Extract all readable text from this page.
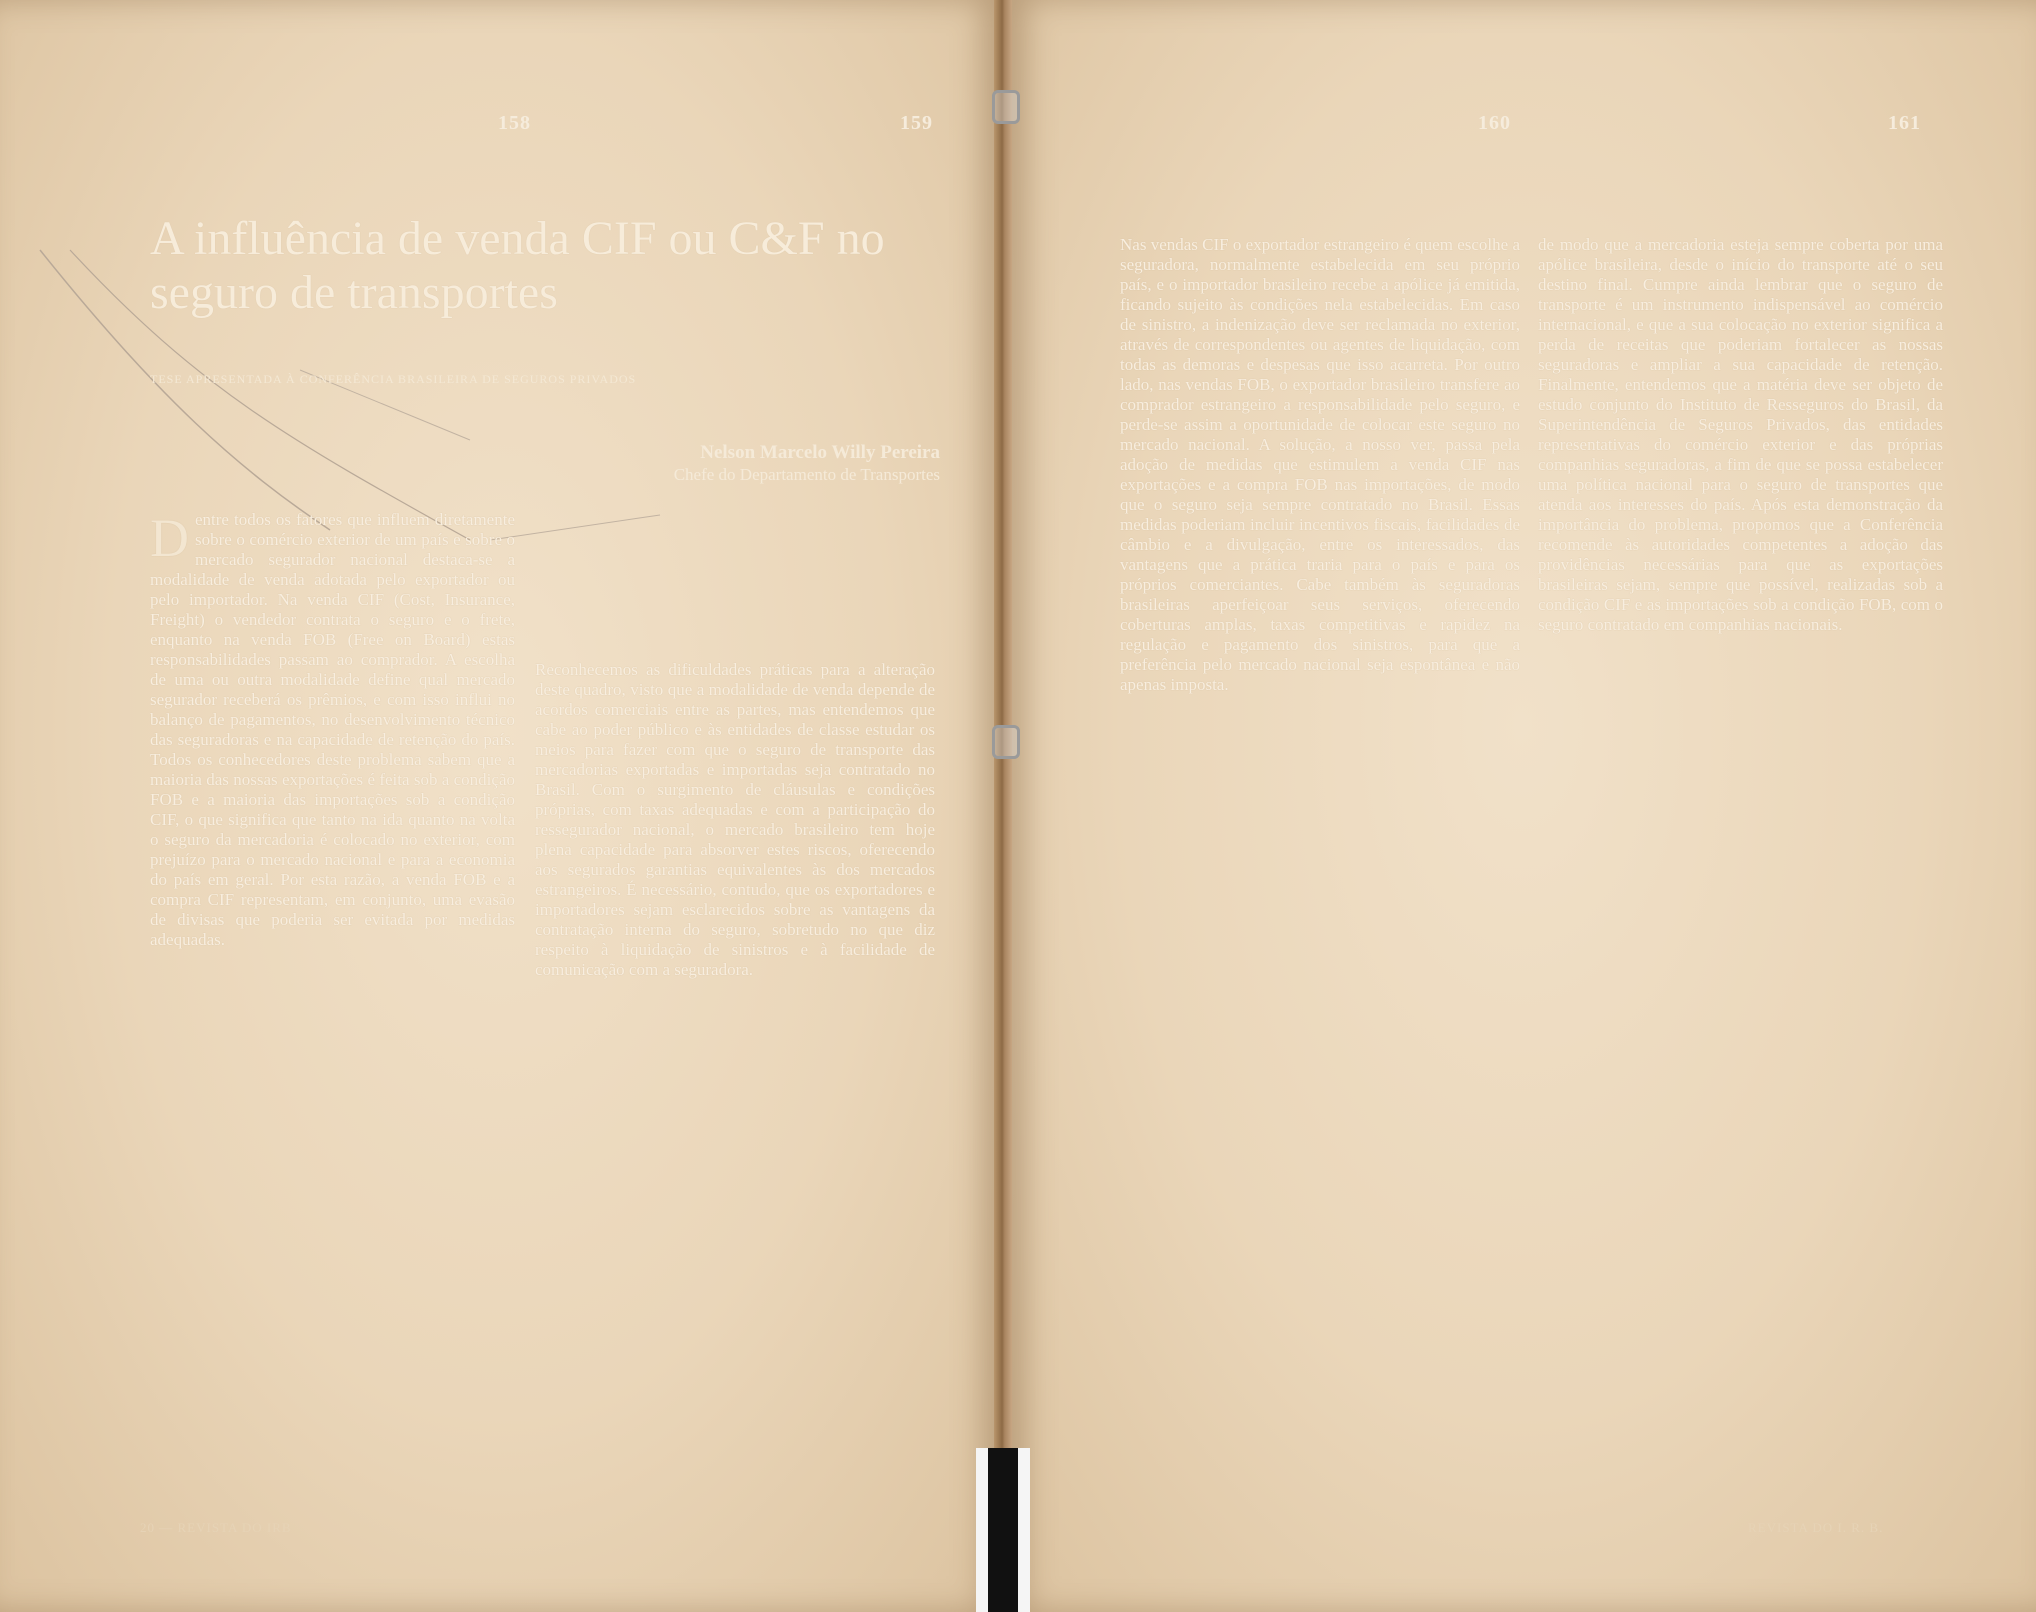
158	159
A influência de venda CIF ou C&F no seguro de transportes
TESE APRESENTADA À CONFERÊNCIA BRASILEIRA DE SEGUROS PRIVADOS
Nelson Marcelo Willy Pereira
Chefe do Departamento de Transportes
Dentre todos os fatores que influem diretamente sobre o comércio exterior de um país e sobre o mercado segurador nacional destaca-se a modalidade de venda adotada pelo exportador ou pelo importador. Na venda CIF (Cost, Insurance, Freight) o vendedor contrata o seguro e o frete, enquanto na venda FOB (Free on Board) estas responsabilidades passam ao comprador. A escolha de uma ou outra modalidade define qual mercado segurador receberá os prêmios, e com isso influi no balanço de pagamentos, no desenvolvimento técnico das seguradoras e na capacidade de retenção do país. Todos os conhecedores deste problema sabem que a maioria das nossas exportações é feita sob a condição FOB e a maioria das importações sob a condição CIF, o que significa que tanto na ida quanto na volta o seguro da mercadoria é colocado no exterior, com prejuízo para o mercado nacional e para a economia do país em geral. Por esta razão, a venda FOB e a compra CIF representam, em conjunto, uma evasão de divisas que poderia ser evitada por medidas adequadas.
Reconhecemos as dificuldades práticas para a alteração deste quadro, visto que a modalidade de venda depende de acordos comerciais entre as partes, mas entendemos que cabe ao poder público e às entidades de classe estudar os meios para fazer com que o seguro de transporte das mercadorias exportadas e importadas seja contratado no Brasil. Com o surgimento de cláusulas e condições próprias, com taxas adequadas e com a participação do ressegurador nacional, o mercado brasileiro tem hoje plena capacidade para absorver estes riscos, oferecendo aos segurados garantias equivalentes às dos mercados estrangeiros. É necessário, contudo, que os exportadores e importadores sejam esclarecidos sobre as vantagens da contratação interna do seguro, sobretudo no que diz respeito à liquidação de sinistros e à facilidade de comunicação com a seguradora.
20 — REVISTA DO IRB
160	161
Nas vendas CIF o exportador estrangeiro é quem escolhe a seguradora, normalmente estabelecida em seu próprio país, e o importador brasileiro recebe a apólice já emitida, ficando sujeito às condições nela estabelecidas. Em caso de sinistro, a indenização deve ser reclamada no exterior, através de correspondentes ou agentes de liquidação, com todas as demoras e despesas que isso acarreta. Por outro lado, nas vendas FOB, o exportador brasileiro transfere ao comprador estrangeiro a responsabilidade pelo seguro, e perde-se assim a oportunidade de colocar este seguro no mercado nacional. A solução, a nosso ver, passa pela adoção de medidas que estimulem a venda CIF nas exportações e a compra FOB nas importações, de modo que o seguro seja sempre contratado no Brasil. Essas medidas poderiam incluir incentivos fiscais, facilidades de câmbio e a divulgação, entre os interessados, das vantagens que a prática traria para o país e para os próprios comerciantes. Cabe também às seguradoras brasileiras aperfeiçoar seus serviços, oferecendo coberturas amplas, taxas competitivas e rapidez na regulação e pagamento dos sinistros, para que a preferência pelo mercado nacional seja espontânea e não apenas imposta.
de modo que a mercadoria esteja sempre coberta por uma apólice brasileira, desde o início do transporte até o seu destino final. Cumpre ainda lembrar que o seguro de transporte é um instrumento indispensável ao comércio internacional, e que a sua colocação no exterior significa a perda de receitas que poderiam fortalecer as nossas seguradoras e ampliar a sua capacidade de retenção. Finalmente, entendemos que a matéria deve ser objeto de estudo conjunto do Instituto de Resseguros do Brasil, da Superintendência de Seguros Privados, das entidades representativas do comércio exterior e das próprias companhias seguradoras, a fim de que se possa estabelecer uma política nacional para o seguro de transportes que atenda aos interesses do país. Após esta demonstração da importância do problema, propomos que a Conferência recomende às autoridades competentes a adoção das providências necessárias para que as exportações brasileiras sejam, sempre que possível, realizadas sob a condição CIF e as importações sob a condição FOB, com o seguro contratado em companhias nacionais.
REVISTA DO I. R. B.
